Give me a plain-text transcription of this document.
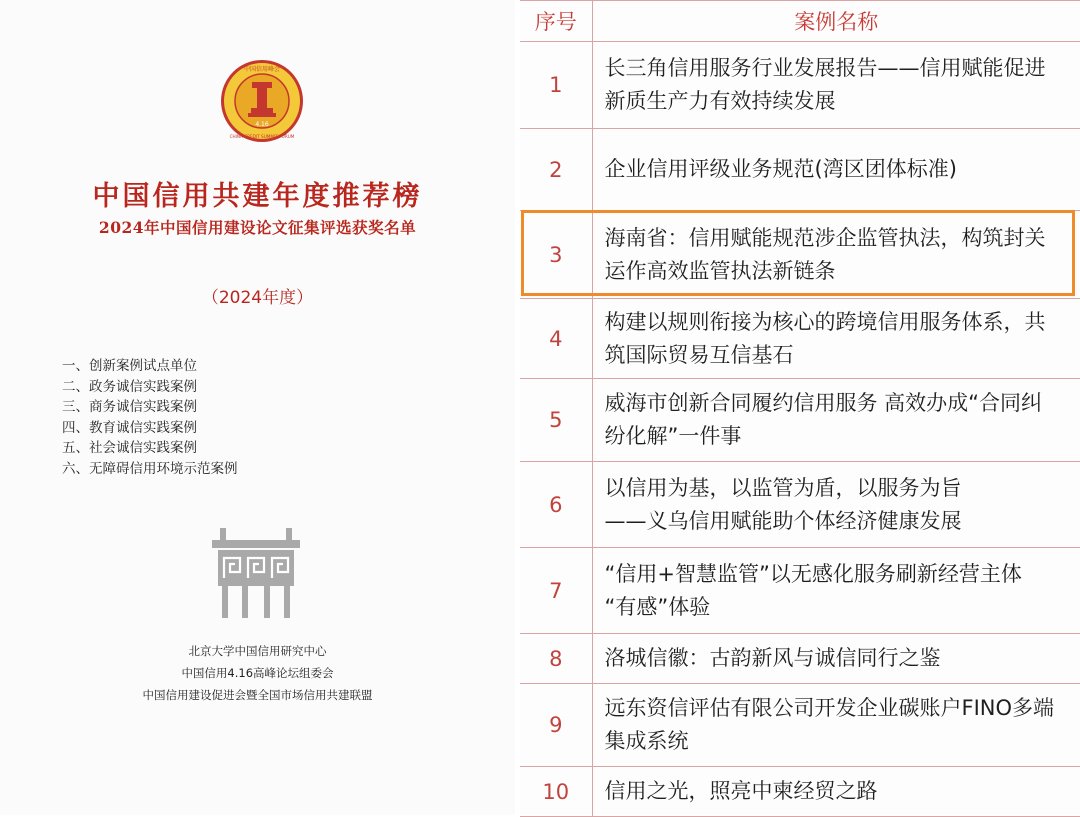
4.16
中国信用峰会
CHINA CREDIT SUMMIT FORUM
中国信用共建年度推荐榜
2024年中国信用建设论文征集评选获奖名单
（2024年度）
一、创新案例试点单位
二、政务诚信实践案例
三、商务诚信实践案例
四、教育诚信实践案例
五、社会诚信实践案例
六、无障碍信用环境示范案例
北京大学中国信用研究中心
中国信用4.16高峰论坛组委会
中国信用建设促进会暨全国市场信用共建联盟
序号	案例名称
1	长三角信用服务行业发展报告——信用赋能促进
新质生产力有效持续发展
2	企业信用评级业务规范(湾区团体标准)
3	海南省：信用赋能规范涉企监管执法，构筑封关
运作高效监管执法新链条
4	构建以规则衔接为核心的跨境信用服务体系，共
筑国际贸易互信基石
5	威海市创新合同履约信用服务 高效办成“合同纠
纷化解”一件事
6	以信用为基，以监管为盾，以服务为旨
——义乌信用赋能助个体经济健康发展
7	“信用+智慧监管”以无感化服务刷新经营主体
“有感”体验
8	洛城信徽：古韵新风与诚信同行之鉴
9	远东资信评估有限公司开发企业碳账户FINO多端
集成系统
10	信用之光，照亮中柬经贸之路
